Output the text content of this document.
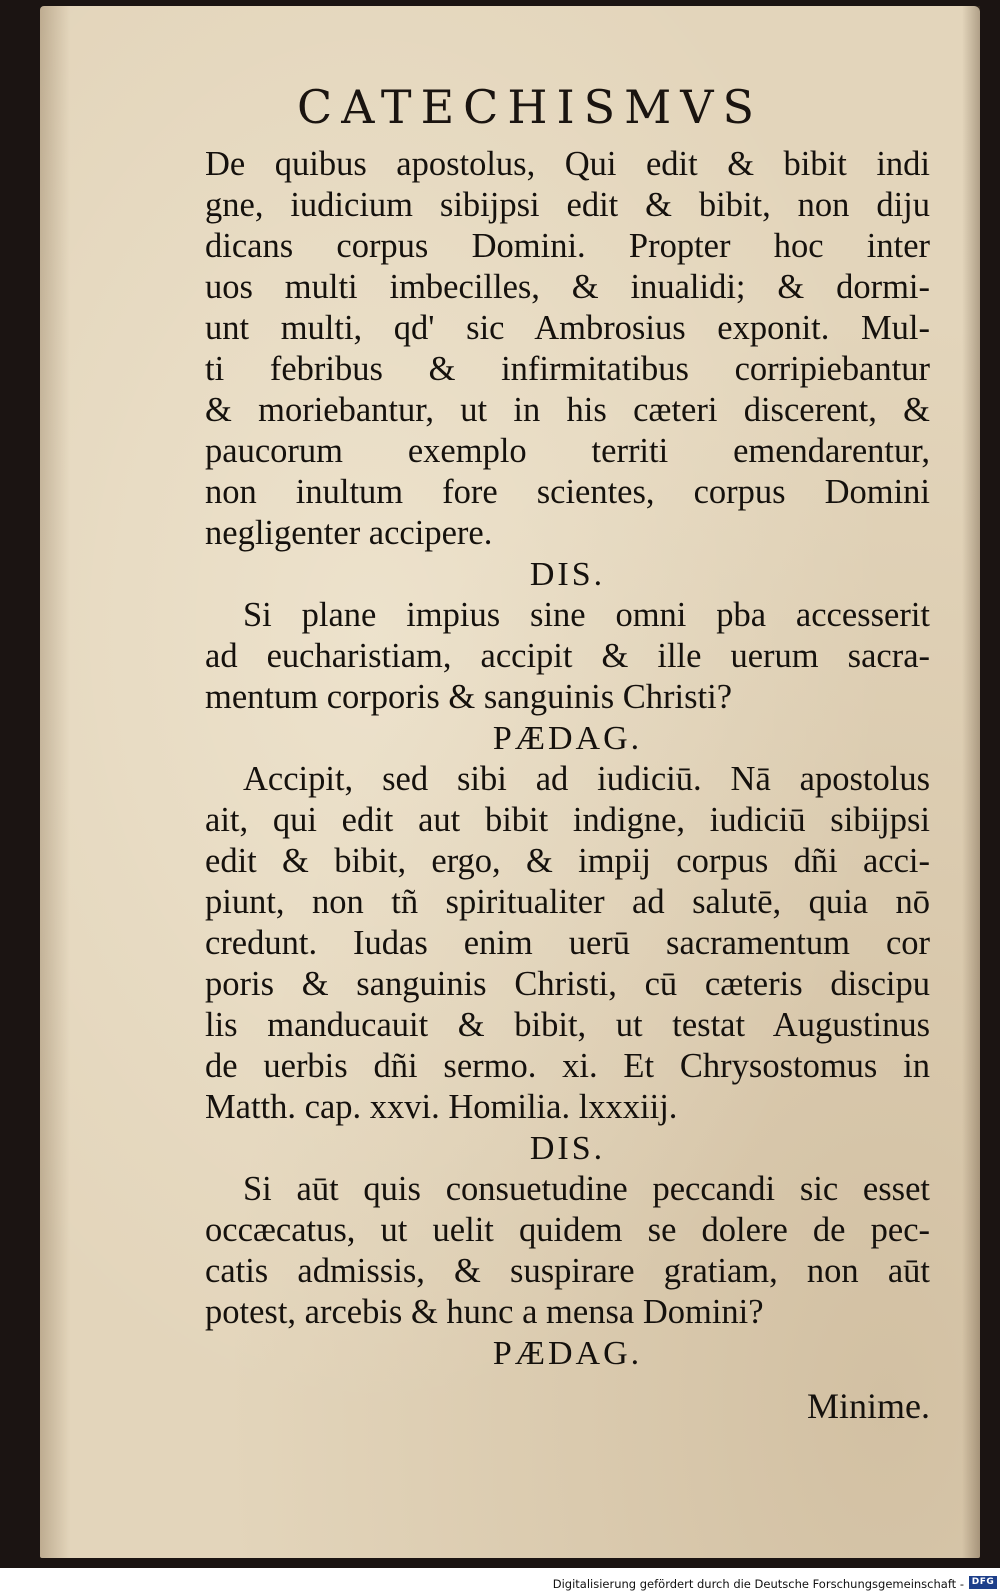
CATECHISMVS
De quibus apostolus, Qui edit & bibit indi
gne, iudicium sibijpsi edit & bibit, non diju
dicans corpus Domini. Propter hoc inter
uos multi imbecilles, & inualidi; & dormi-
unt multi, qd' sic Ambrosius exponit. Mul-
ti febribus & infirmitatibus corripiebantur
& moriebantur, ut in his cæteri discerent, &
paucorum exemplo territi emendarentur,
non inultum fore scientes, corpus Domini
negligenter accipere.
DIS.
Si plane impius sine omni pba accesserit
ad eucharistiam, accipit & ille uerum sacra-
mentum corporis & sanguinis Christi?
PÆDAG.
Accipit, sed sibi ad iudiciū. Nā apostolus
ait, qui edit aut bibit indigne, iudiciū sibijpsi
edit & bibit, ergo, & impij corpus dñi acci-
piunt, non tñ spiritualiter ad salutē, quia nō
credunt. Iudas enim uerū sacramentum cor
poris & sanguinis Christi, cū cæteris discipu
lis manducauit & bibit, ut testat Augustinus
de uerbis dñi sermo. xi. Et Chrysostomus in
Matth. cap. xxvi. Homilia. lxxxiij.
DIS.
Si aūt quis consuetudine peccandi sic esset
occæcatus, ut uelit quidem se dolere de pec-
catis admissis, & suspirare gratiam, non aūt
potest, arcebis & hunc a mensa Domini?
PÆDAG.
Minime.
Digitalisierung gefördert durch die Deutsche Forschungsgemeinschaft - DFG
